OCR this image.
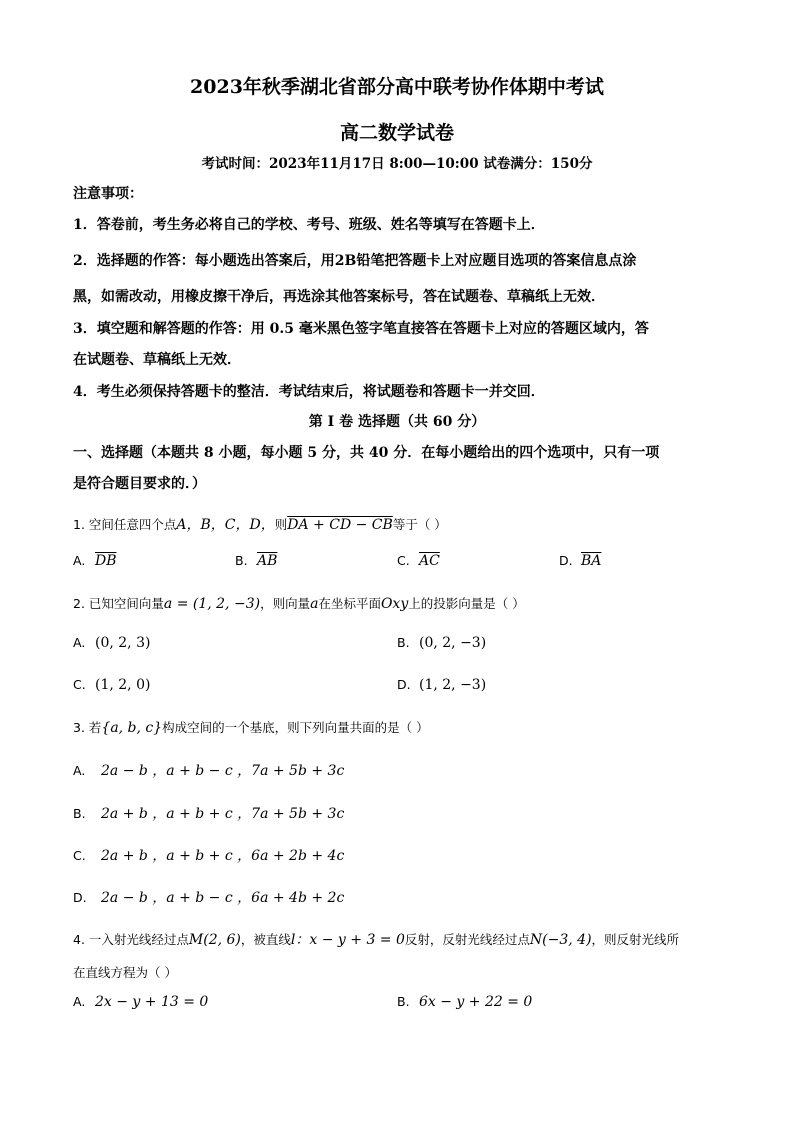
2023年秋季湖北省部分高中联考协作体期中考试
高二数学试卷
考试时间：2023年11月17日 8:00—10:00 试卷满分：150分
注意事项：
1．答卷前，考生务必将自己的学校、考号、班级、姓名等填写在答题卡上．
2．选择题的作答：每小题选出答案后，用2B铅笔把答题卡上对应题目选项的答案信息点涂
黑，如需改动，用橡皮擦干净后，再选涂其他答案标号，答在试题卷、草稿纸上无效．
3．填空题和解答题的作答：用 0.5 毫米黑色签字笔直接答在答题卡上对应的答题区域内，答
在试题卷、草稿纸上无效．
4．考生必须保持答题卡的整洁．考试结束后，将试题卷和答题卡一并交回．
第 I 卷 选择题（共 60 分）
一、选择题（本题共 8 小题，每小题 5 分，共 40 分．在每小题给出的四个选项中，只有一项
是符合题目要求的．）
1. 空间任意四个点A，B，C，D，则DA + CD − CB等于（ ）
A. $\overline{DB}$	B. $\overline{AB}$	C. $\overline{AC}$	D. $\overline{BA}$
2. 已知空间向量a = (1, 2, −3)，则向量a在坐标平面Oxy上的投影向量是（ ）
A. (0, 2, 3)	B. (0, 2, −3)
C. (1, 2, 0)	D. (1, 2, −3)
3. 若{a, b, c}构成空间的一个基底，则下列向量共面的是（ ）
A. 2a − b ，a + b − c ，7a + 5b + 3c
B. 2a + b ，a + b + c ，7a + 5b + 3c
C. 2a + b ，a + b + c ，6a + 2b + 4c
D. 2a − b ，a + b − c ，6a + 4b + 2c
4. 一入射光线经过点M(2, 6)，被直线l：x − y + 3 = 0反射，反射光线经过点N(−3, 4)，则反射光线所
在直线方程为（ ）
A. 2x − y + 13 = 0	B. 6x − y + 22 = 0
